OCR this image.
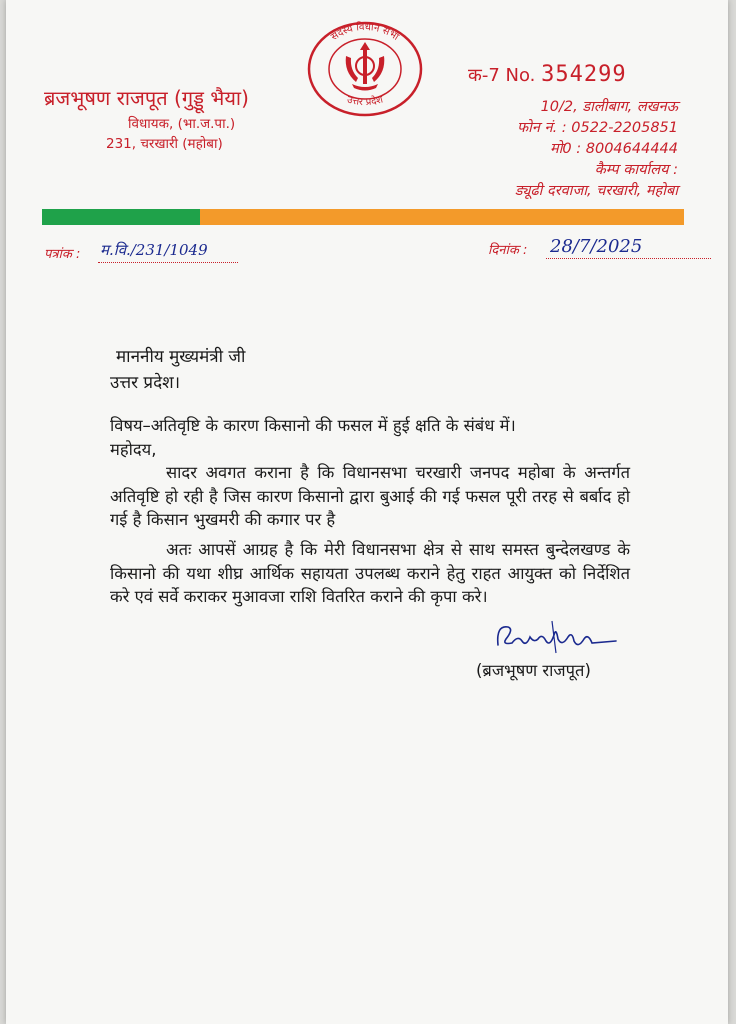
ब्रजभूषण राजपूत (गुड्डू भैया)
विधायक, (भा.ज.पा.)
231, चरखारी (महोबा)
सदस्य विधान सभा
उत्तर प्रदेश
क-7 No. 354299
10/2, डालीबाग, लखनऊ
फोन नं. : 0522-2205851
मो0 : 8004644444
कैम्प कार्यालय :
ड्यूढी दरवाजा, चरखारी, महोबा
पत्रांक : म.वि./231/1049	दिनांक : 28/7/2025
माननीय मुख्यमंत्री जी
उत्तर प्रदेश।
विषय–अतिवृष्टि के कारण किसानो की फसल में हुई क्षति के संबंध में।
महोदय,
सादर अवगत कराना है कि विधानसभा चरखारी जनपद महोबा के अन्तर्गत अतिवृष्टि हो रही है जिस कारण किसानो द्वारा बुआई की गई फसल पूरी तरह से बर्बाद हो गई है किसान भुखमरी की कगार पर है
अतः आपसें आग्रह है कि मेरी विधानसभा क्षेत्र से साथ समस्त बुन्देलखण्ड के किसानो की यथा शीघ्र आर्थिक सहायता उपलब्ध कराने हेतु राहत आयुक्त को निर्देशित करे एवं सर्वे कराकर मुआवजा राशि वितरित कराने की कृपा करे।
(ब्रजभूषण राजपूत)
